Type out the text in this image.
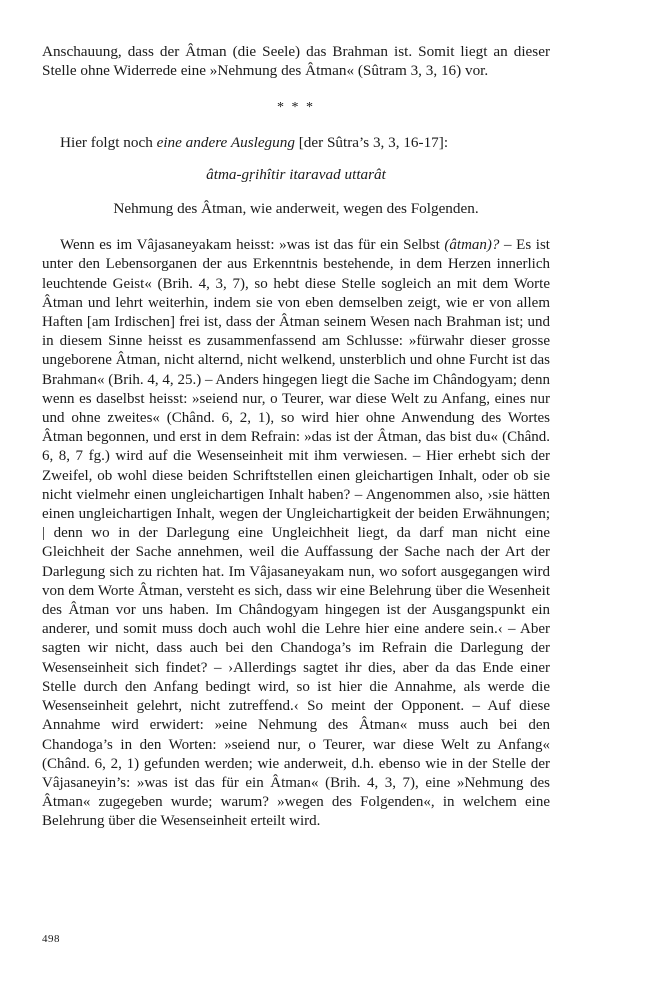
Anschauung, dass der Âtman (die Seele) das Brahman ist. Somit liegt an dieser Stelle ohne Widerrede eine »Nehmung des Âtman« (Sûtram 3, 3, 16) vor.

* * *

Hier folgt noch eine andere Auslegung [der Sûtra’s 3, 3, 16-17]:

âtma-gṛihîtir itaravad uttarât

Nehmung des Âtman, wie anderweit, wegen des Folgenden.

Wenn es im Vâjasaneyakam heisst: »was ist das für ein Selbst (âtman)? – Es ist unter den Lebensorganen der aus Erkenntnis bestehende, in dem Herzen innerlich leuchtende Geist« (Brih. 4, 3, 7), so hebt diese Stelle sogleich an mit dem Worte Âtman und lehrt weiterhin, indem sie von eben demselben zeigt, wie er von allem Haften [am Irdischen] frei ist, dass der Âtman seinem Wesen nach Brahman ist; und in diesem Sinne heisst es zusammenfassend am Schlusse: »fürwahr dieser grosse ungeborene Âtman, nicht alternd, nicht welkend, unsterblich und ohne Furcht ist das Brahman« (Brih. 4, 4, 25.) – Anders hingegen liegt die Sache im Chândogyam; denn wenn es daselbst heisst: »seiend nur, o Teurer, war diese Welt zu Anfang, eines nur und ohne zweites« (Chând. 6, 2, 1), so wird hier ohne Anwendung des Wortes Âtman begonnen, und erst in dem Refrain: »das ist der Âtman, das bist du« (Chând. 6, 8, 7 fg.) wird auf die Wesenseinheit mit ihm verwiesen. – Hier erhebt sich der Zweifel, ob wohl diese beiden Schriftstellen einen gleichartigen Inhalt, oder ob sie nicht vielmehr einen ungleichartigen Inhalt haben? – Angenommen also, ›sie hätten einen ungleichartigen Inhalt, wegen der Ungleichartigkeit der beiden Erwähnungen; | denn wo in der Darlegung eine Ungleichheit liegt, da darf man nicht eine Gleichheit der Sache annehmen, weil die Auffassung der Sache nach der Art der Darlegung sich zu richten hat. Im Vâjasaneyakam nun, wo sofort ausgegangen wird von dem Worte Âtman, versteht es sich, dass wir eine Belehrung über die Wesenheit des Âtman vor uns haben. Im Chândogyam hingegen ist der Ausgangspunkt ein anderer, und somit muss doch auch wohl die Lehre hier eine andere sein.‹ – Aber sagten wir nicht, dass auch bei den Chandoga’s im Refrain die Darlegung der Wesenseinheit sich findet? – ›Allerdings sagtet ihr dies, aber da das Ende einer Stelle durch den Anfang bedingt wird, so ist hier die Annahme, als werde die Wesenseinheit gelehrt, nicht zutreffend.‹ So meint der Opponent. – Auf diese Annahme wird erwidert: »eine Nehmung des Âtman« muss auch bei den Chandoga’s in den Worten: »seiend nur, o Teurer, war diese Welt zu Anfang« (Chând. 6, 2, 1) gefunden werden; wie anderweit, d.h. ebenso wie in der Stelle der Vâjasaneyin’s: »was ist das für ein Âtman« (Brih. 4, 3, 7), eine »Nehmung des Âtman« zugegeben wurde; warum? »wegen des Folgenden«, in welchem eine Belehrung über die Wesenseinheit erteilt wird.

498
